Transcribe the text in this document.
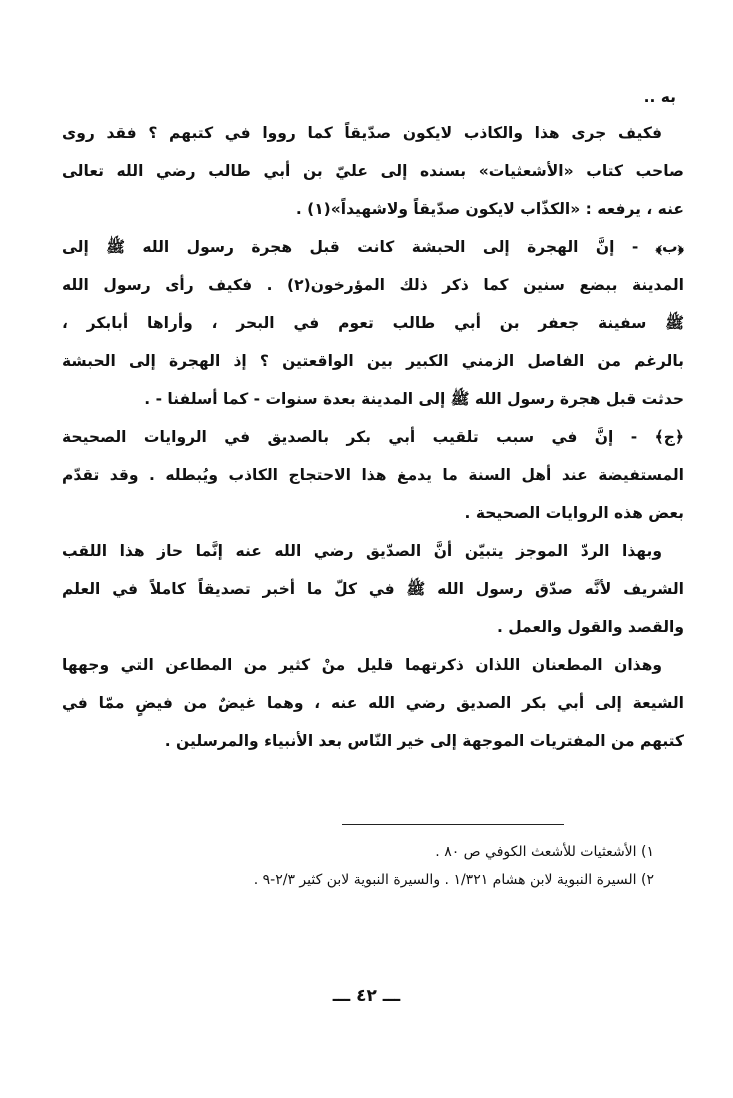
به ..
فكيف جرى هذا والكاذب لايكون صدّيقاً كما رووا في كتبهم ؟ فقد روى
صاحب كتاب «الأشعثيات» بسنده إلى عليّ بن أبي طالب رضي الله تعالى
عنه ، يرفعه : «الكذّاب لايكون صدّيقاً ولاشهيداً»(١) .
﴿ب﴾ - إنَّ الهجرة إلى الحبشة كانت قبل هجرة رسول الله ﷺ إلى
المدينة ببضع سنين كما ذكر ذلك المؤرخون(٢) . فكيف رأى رسول الله
ﷺ سفينة جعفر بن أبي طالب تعوم في البحر ، وأراها أبابكر ،
بالرغم من الفاصل الزمني الكبير بين الواقعتين ؟ إذ الهجرة إلى الحبشة
حدثت قبل هجرة رسول الله ﷺ إلى المدينة بعدة سنوات - كما أسلفنا - .
﴿ج﴾ - إنَّ في سبب تلقيب أبي بكر بالصديق في الروايات الصحيحة
المستفيضة عند أهل السنة ما يدمغ هذا الاحتجاج الكاذب ويُبطله . وقد تقدّم
بعض هذه الروايات الصحيحة .
وبهذا الردّ الموجز يتبيّن أنَّ الصدّيق رضي الله عنه إنَّما حاز هذا اللقب
الشريف لأنَّه صدّق رسول الله ﷺ في كلّ ما أخبر تصديقاً كاملاً في العلم
والقصد والقول والعمل .
وهذان المطعنان اللذان ذكرتهما قليل منْ كثير من المطاعن التي وجهها
الشيعة إلى أبي بكر الصديق رضي الله عنه ، وهما غيضٌ من فيضٍ ممّا في
كتبهم من المفتريات الموجهة إلى خير النّاس بعد الأنبياء والمرسلين .
١) الأشعثيات للأشعث الكوفي ص ٨٠ .
٢) السيرة النبوية لابن هشام ١/٣٢١ . والسيرة النبوية لابن كثير ٢/٣-٩ .
ـــ ٤٢ ـــ
